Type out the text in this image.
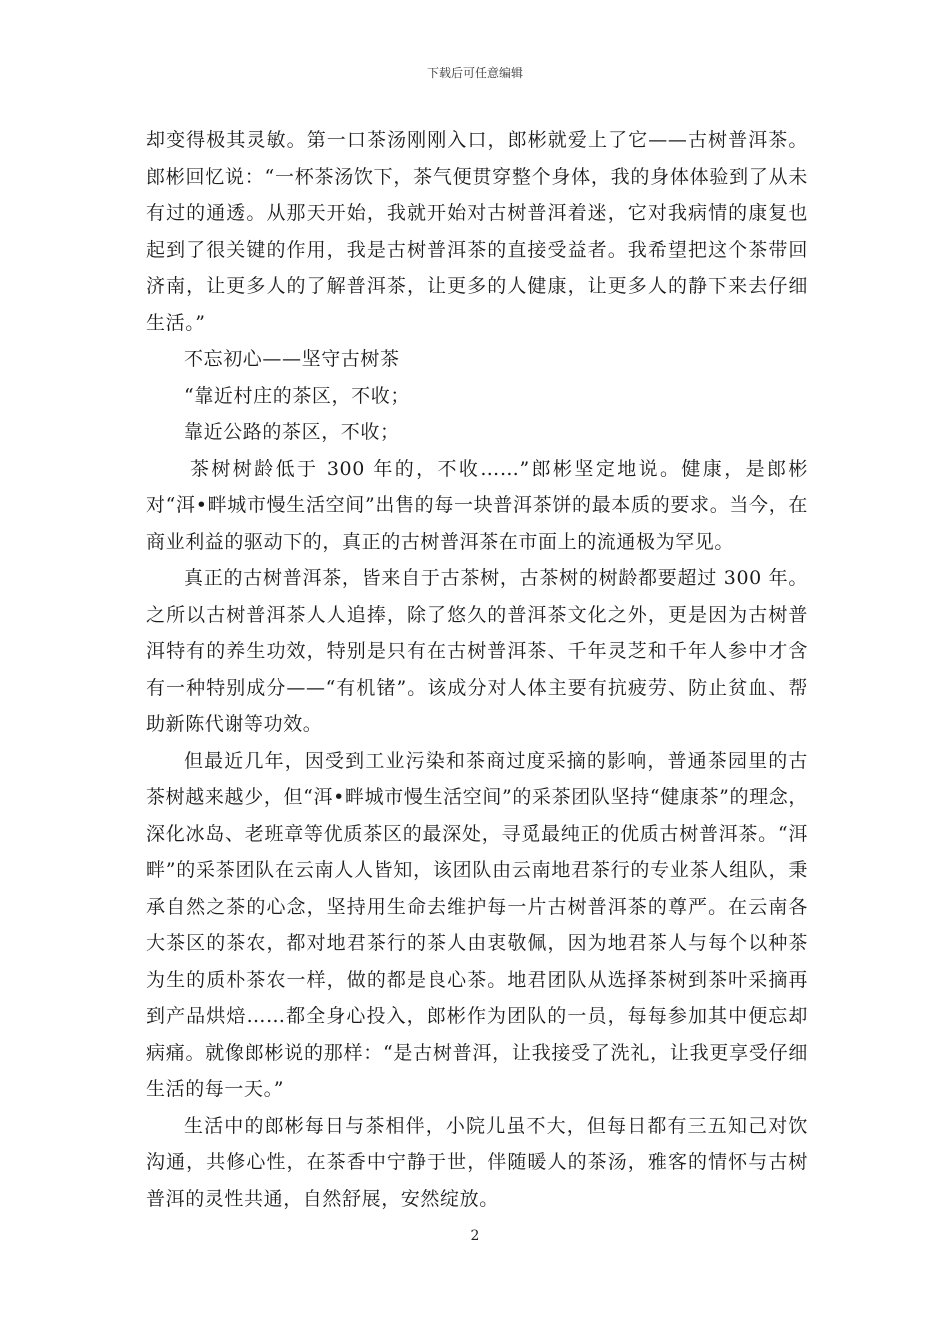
下载后可任意编辑

却变得极其灵敏。第一口茶汤刚刚入口，郎彬就爱上了它——古树普洱茶。郎彬回忆说：“一杯茶汤饮下，茶气便贯穿整个身体，我的身体体验到了从未有过的通透。从那天开始，我就开始对古树普洱着迷，它对我病情的康复也起到了很关键的作用，我是古树普洱茶的直接受益者。我希望把这个茶带回济南，让更多人的了解普洱茶，让更多的人健康，让更多人的静下来去仔细生活。”

不忘初心——坚守古树茶

“靠近村庄的茶区，不收；

靠近公路的茶区，不收；

茶树树龄低于 300 年的，不收……”郎彬坚定地说。健康，是郎彬对“洱•畔城市慢生活空间”出售的每一块普洱茶饼的最本质的要求。当今，在商业利益的驱动下的，真正的古树普洱茶在市面上的流通极为罕见。

真正的古树普洱茶，皆来自于古茶树，古茶树的树龄都要超过 300 年。之所以古树普洱茶人人追捧，除了悠久的普洱茶文化之外，更是因为古树普洱特有的养生功效，特别是只有在古树普洱茶、千年灵芝和千年人参中才含有一种特别成分——“有机锗”。该成分对人体主要有抗疲劳、防止贫血、帮助新陈代谢等功效。

但最近几年，因受到工业污染和茶商过度采摘的影响，普通茶园里的古茶树越来越少，但“洱•畔城市慢生活空间”的采茶团队坚持“健康茶”的理念，深化冰岛、老班章等优质茶区的最深处，寻觅最纯正的优质古树普洱茶。“洱畔”的采茶团队在云南人人皆知，该团队由云南地君茶行的专业茶人组队，秉承自然之茶的心念，坚持用生命去维护每一片古树普洱茶的尊严。在云南各大茶区的茶农，都对地君茶行的茶人由衷敬佩，因为地君茶人与每个以种茶为生的质朴茶农一样，做的都是良心茶。地君团队从选择茶树到茶叶采摘再到产品烘焙……都全身心投入，郎彬作为团队的一员，每每参加其中便忘却病痛。就像郎彬说的那样：“是古树普洱，让我接受了洗礼，让我更享受仔细生活的每一天。”

生活中的郎彬每日与茶相伴，小院儿虽不大，但每日都有三五知己对饮沟通，共修心性，在茶香中宁静于世，伴随暖人的茶汤，雅客的情怀与古树普洱的灵性共通，自然舒展，安然绽放。

2
